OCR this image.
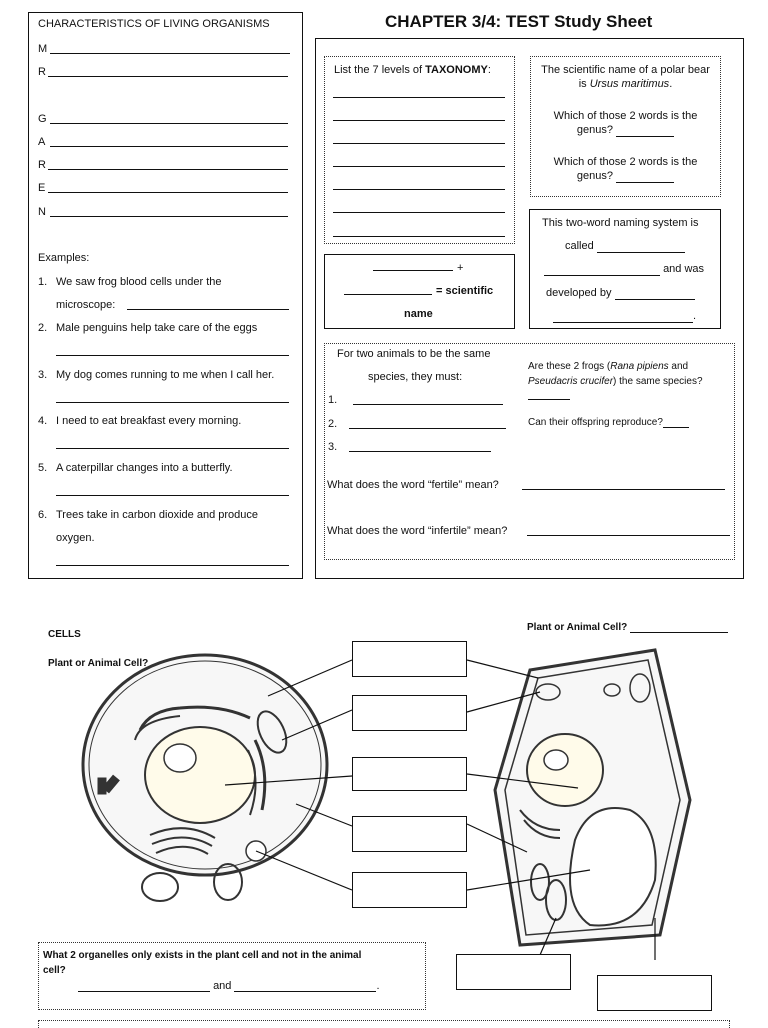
CHAPTER 3/4: TEST Study Sheet
CHARACTERISTICS OF LIVING ORGANISMS
M
R
G
A
R
E
N
Examples:
1. We saw frog blood cells under the
microscope:
2. Male penguins help take care of the eggs
3. My dog comes running to me when I call her.
4. I need to eat breakfast every morning.
5. A caterpillar changes into a butterfly.
6. Trees take in carbon dioxide and produce
oxygen.
List the 7 levels of TAXONOMY:	The scientific name of a polar bear
is Ursus maritimus.
Which of those 2 words is the
genus?
Which of those 2 words is the
genus?
+
= scientific
name
This two-word naming system is
called
and was
developed by
.
For two animals to be the same
species, they must:
1.
2.
3.
Are these 2 frogs (Rana pipiens and
Pseudacris crucifer) the same species?
Can their offspring reproduce?
What does the word “fertile” mean?
What does the word “infertile” mean?
CELLS
Plant or Animal Cell?
Plant or Animal Cell?
What 2 organelles only exists in the plant cell and not in the animal
cell?
and	.
